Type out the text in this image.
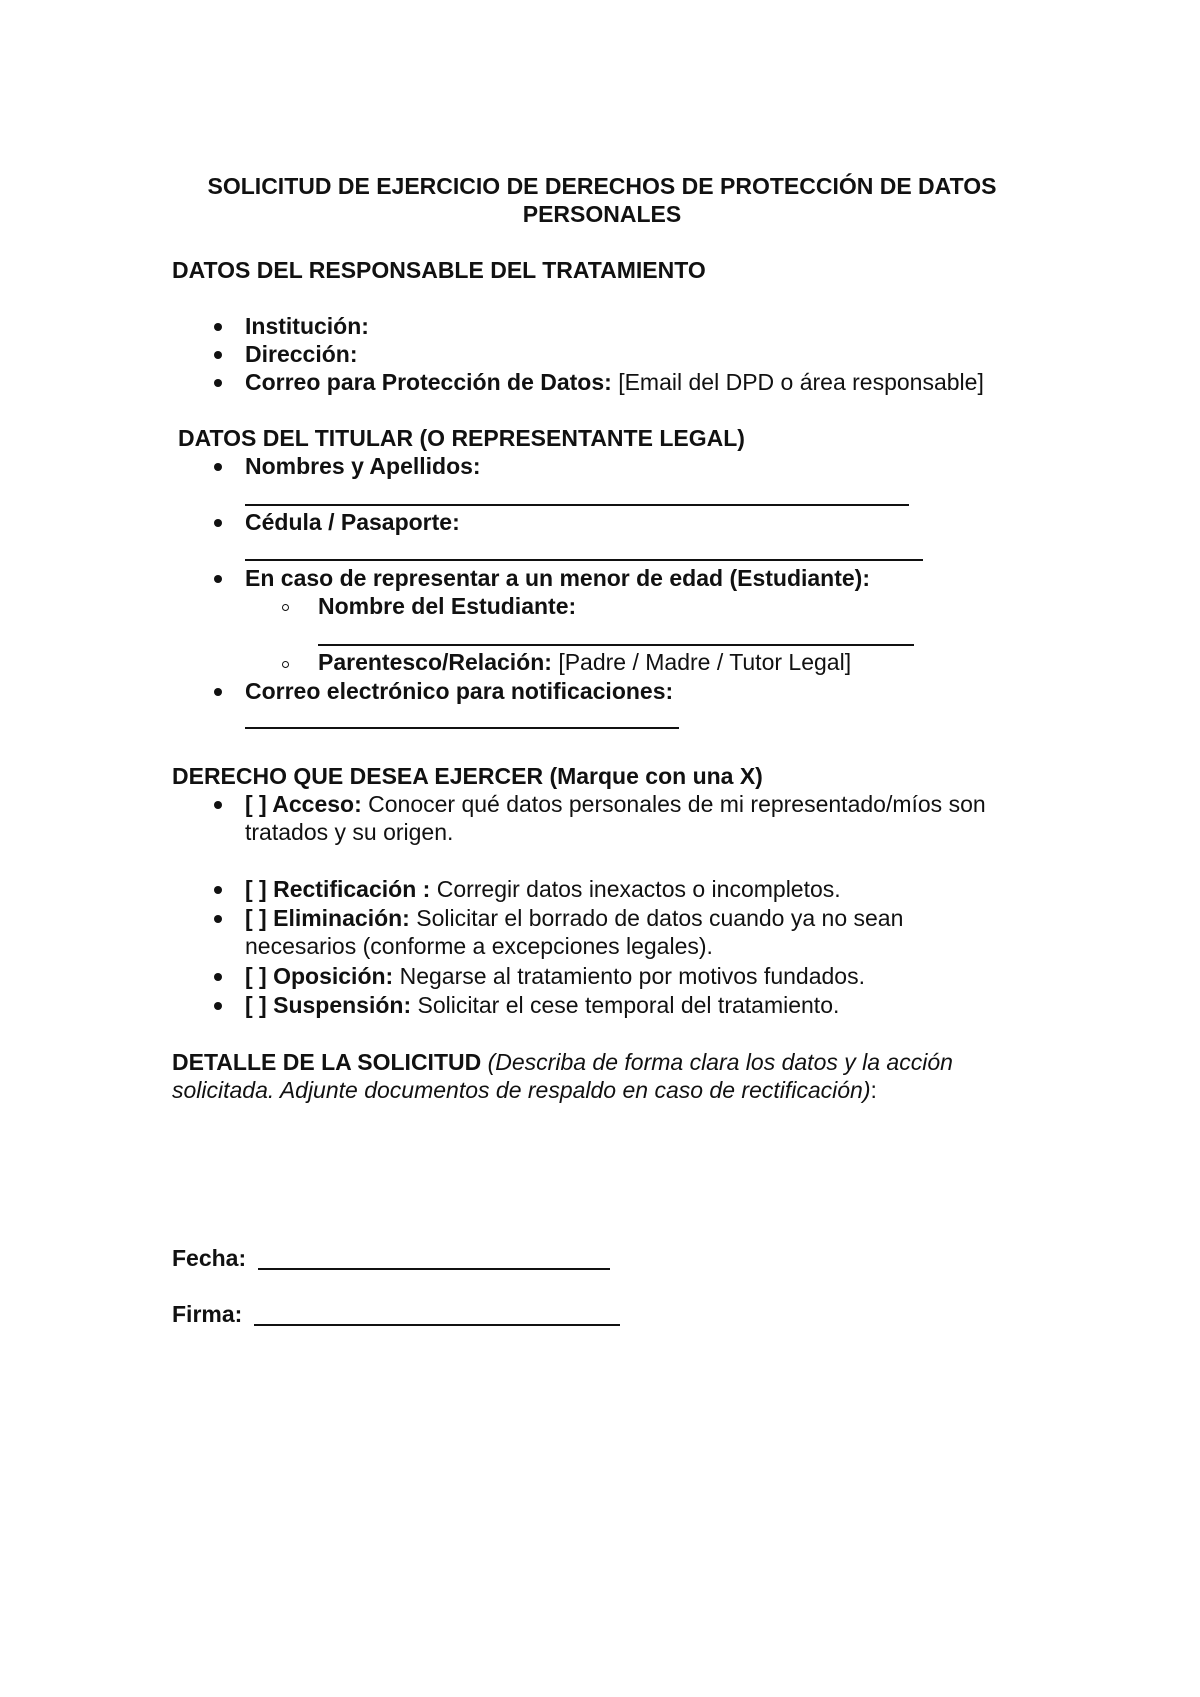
SOLICITUD DE EJERCICIO DE DERECHOS DE PROTECCIÓN DE DATOS PERSONALES
DATOS DEL RESPONSABLE DEL TRATAMIENTO
Institución:
Dirección:
Correo para Protección de Datos: [Email del DPD o área responsable]
DATOS DEL TITULAR (O REPRESENTANTE LEGAL)
Nombres y Apellidos:
Cédula / Pasaporte:
En caso de representar a un menor de edad (Estudiante):
Nombre del Estudiante:
Parentesco/Relación: [Padre / Madre / Tutor Legal]
Correo electrónico para notificaciones:
DERECHO QUE DESEA EJERCER (Marque con una X)
[ ] Acceso: Conocer qué datos personales de mi representado/míos son
tratados y su origen.
[ ] Rectificación : Corregir datos inexactos o incompletos.
[ ] Eliminación: Solicitar el borrado de datos cuando ya no sean
necesarios (conforme a excepciones legales).
[ ] Oposición: Negarse al tratamiento por motivos fundados.
[ ] Suspensión: Solicitar el cese temporal del tratamiento.
DETALLE DE LA SOLICITUD (Describa de forma clara los datos y la acción
solicitada. Adjunte documentos de respaldo en caso de rectificación):
Fecha:
Firma:
